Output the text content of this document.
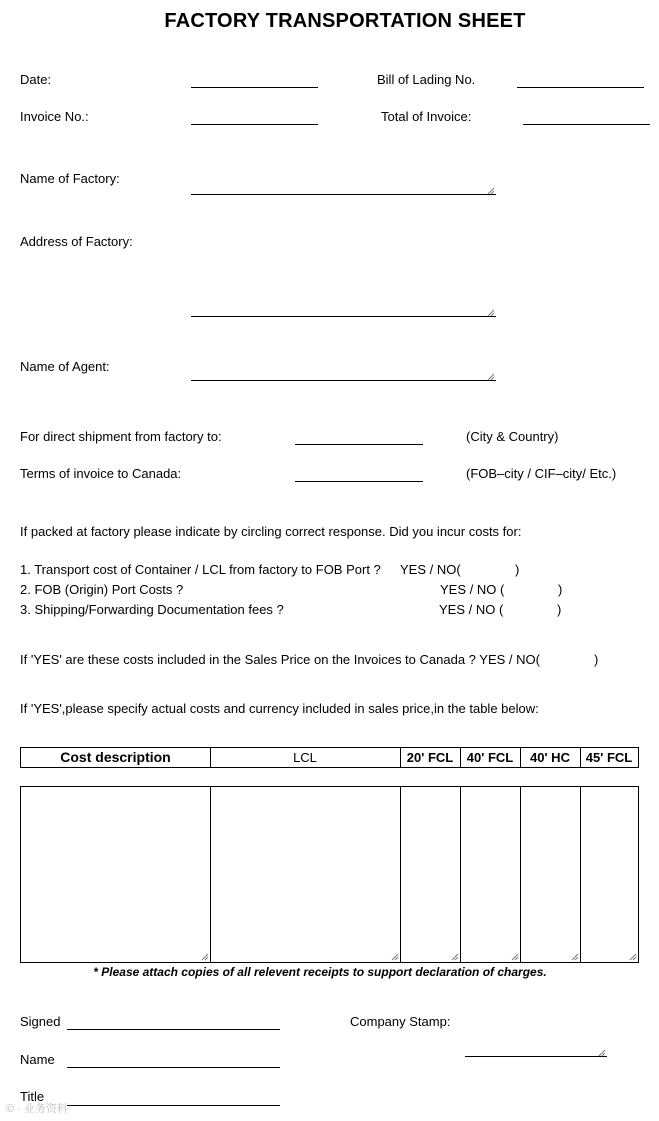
FACTORY TRANSPORTATION SHEET
Date:	Bill of Lading No.
Invoice No.:	Total of Invoice:
Name of Factory:
Address of Factory:
Name of Agent:
For direct shipment from factory to:	(City & Country)
Terms of invoice to Canada:	(FOB–city / CIF–city/ Etc.)
If packed at factory please indicate by circling correct response. Did you incur costs for:
1. Transport cost of Container / LCL from factory to FOB Port ? YES / NO(	)
2. FOB (Origin) Port Costs ?	YES / NO (	)
3. Shipping/Forwarding Documentation fees ?	YES / NO (	)
If 'YES' are these costs included in the Sales Price on the Invoices to Canada ? YES / NO(	)
If 'YES',please specify actual costs and currency included in sales price,in the table below:
Cost description	LCL	20' FCL	40' FCL	40' HC	45' FCL
* Please attach copies of all relevent receipts to support declaration of charges.
Signed	Company Stamp:
Name
Title
© · 业务资料
